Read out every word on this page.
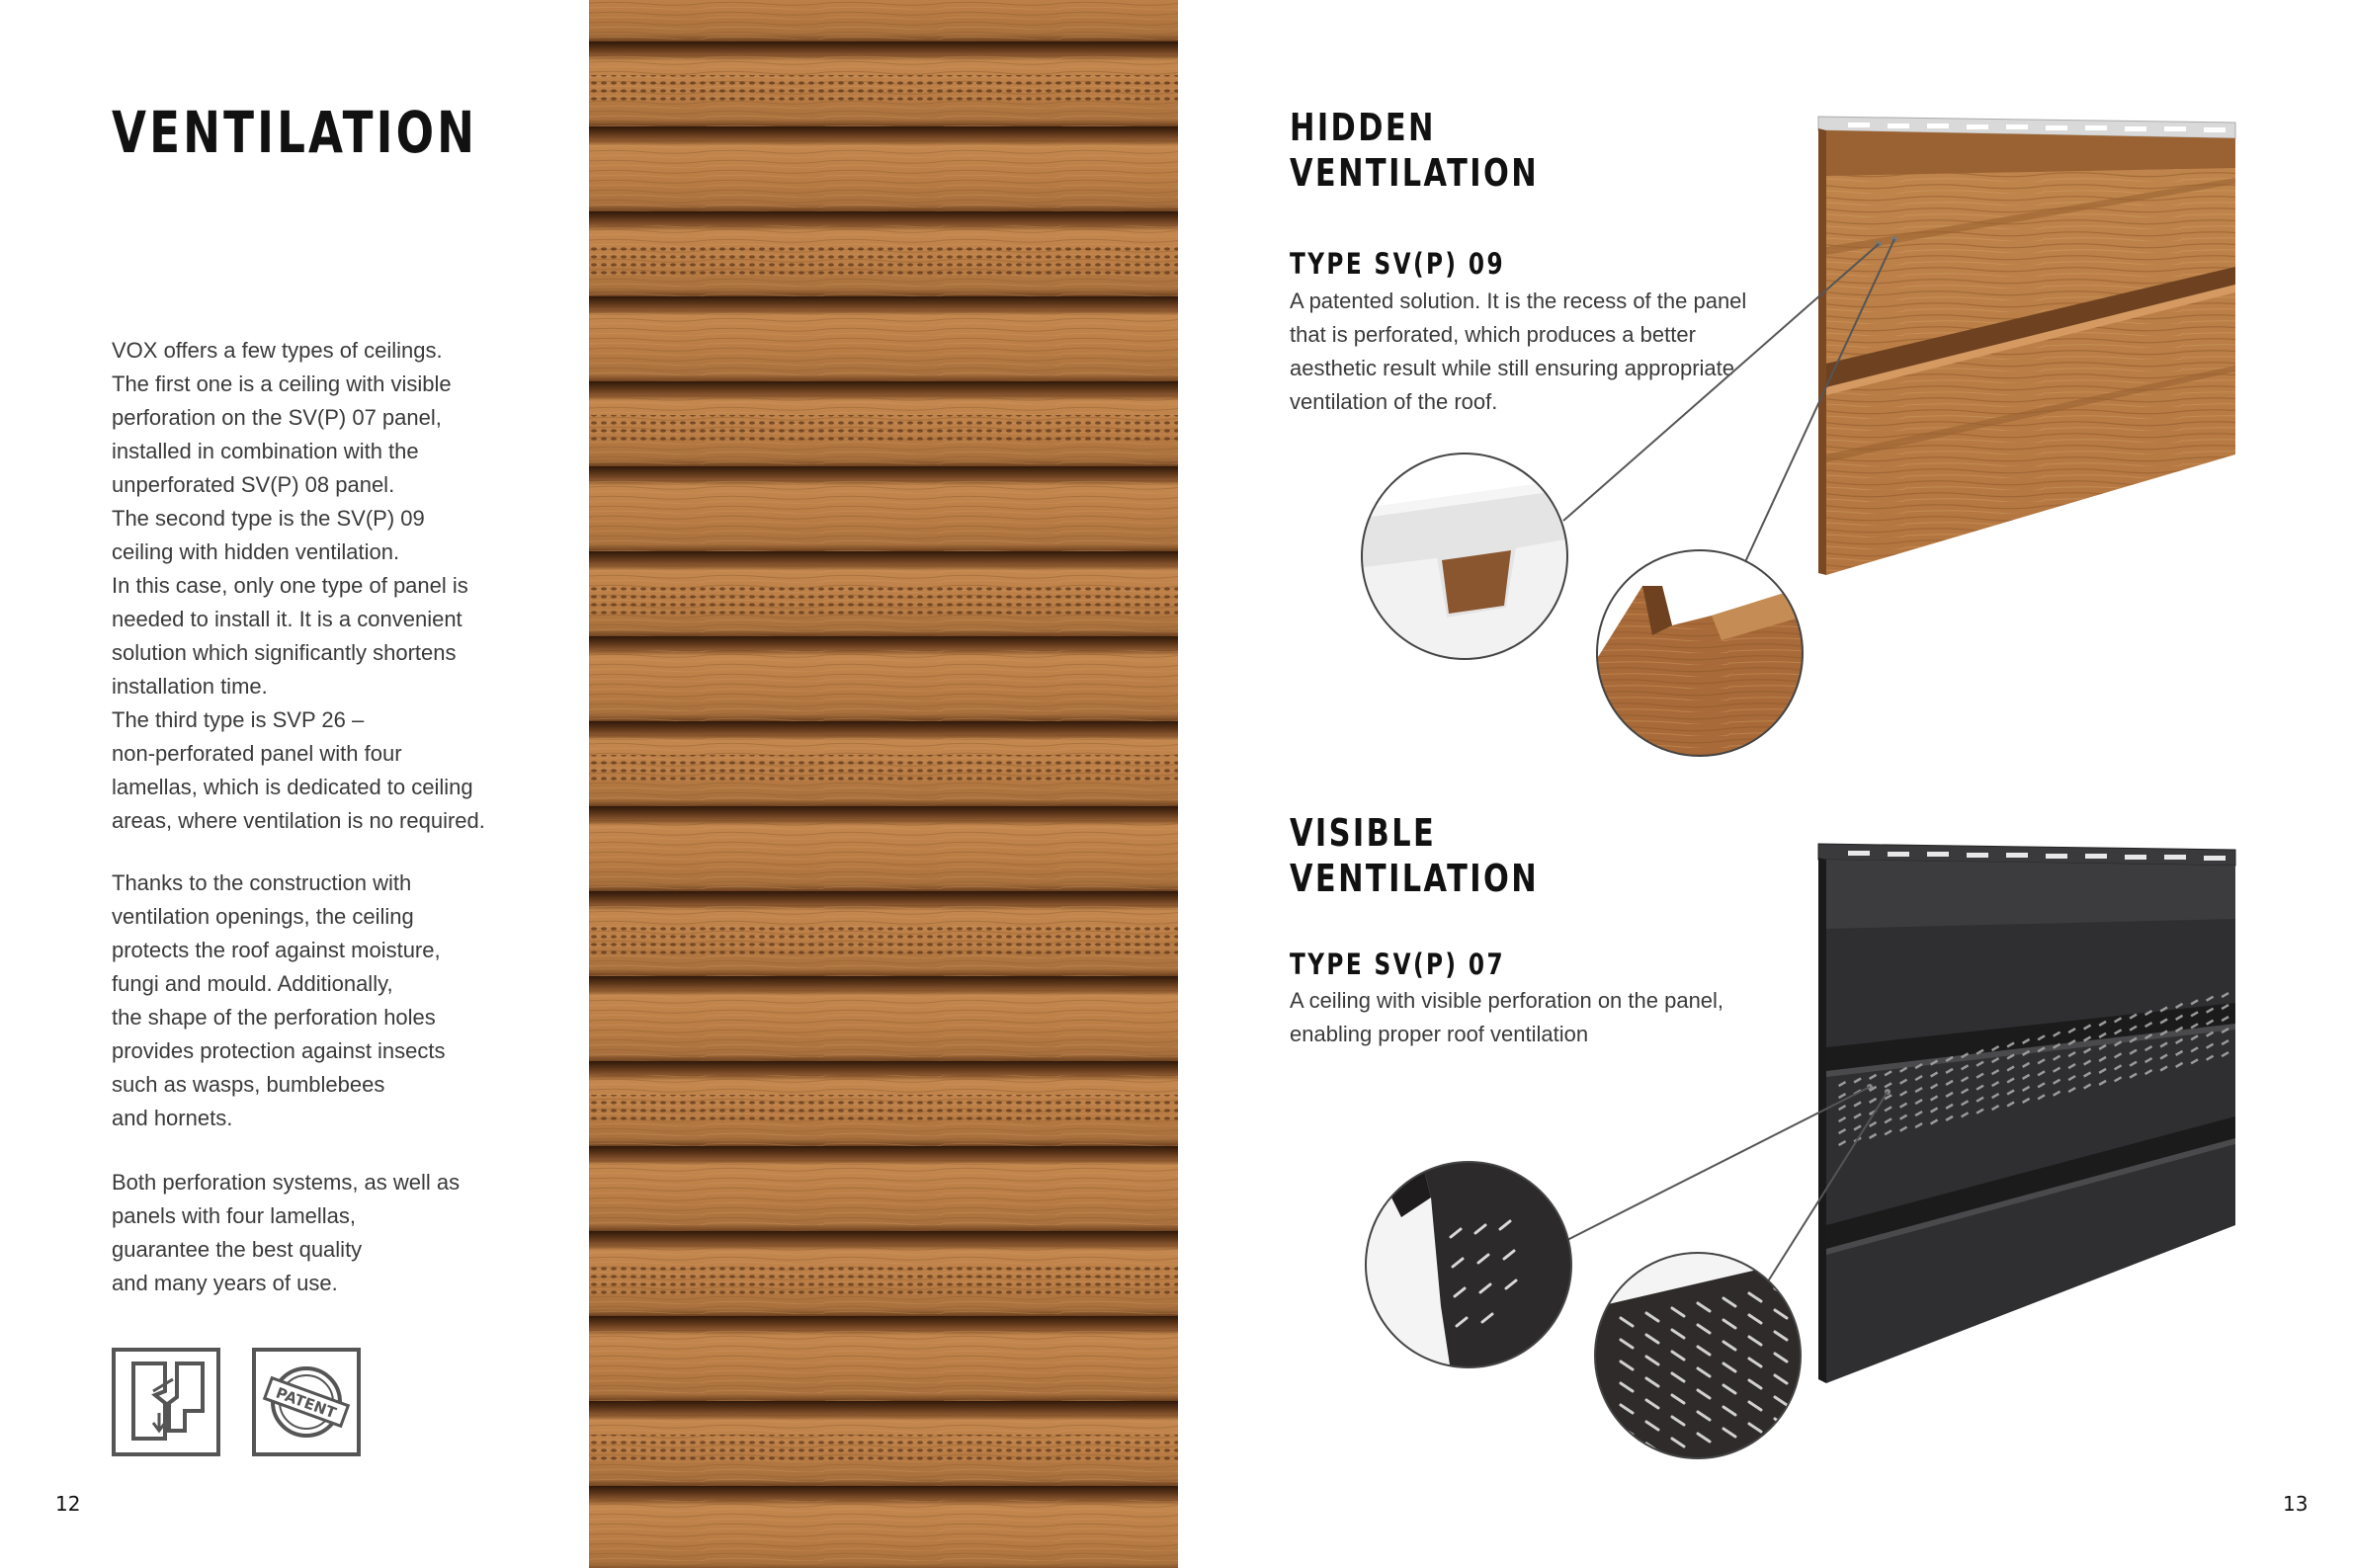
VENTILATION
VOX offers a few types of ceilings.
The first one is a ceiling with visible
perforation on the SV(P) 07 panel,
installed in combination with the
unperforated SV(P) 08 panel.
The second type is the SV(P) 09
ceiling with hidden ventilation.
In this case, only one type of panel is
needed to install it. It is a convenient
solution which significantly shortens
installation time.
The third type is SVP 26 –
non-perforated panel with four
lamellas, which is dedicated to ceiling
areas, where ventilation is no required.
Thanks to the construction with
ventilation openings, the ceiling
protects the roof against moisture,
fungi and mould. Additionally,
the shape of the perforation holes
provides protection against insects
such as wasps, bumblebees
and hornets.
Both perforation systems, as well as
panels with four lamellas,
guarantee the best quality
and many years of use.
PATENT
12
HIDDEN
VENTILATION
TYPE SV(P) 09
A patented solution. It is the recess of the panel
that is perforated, which produces a better
aesthetic result while still ensuring appropriate
ventilation of the roof.
VISIBLE
VENTILATION
TYPE SV(P) 07
A ceiling with visible perforation on the panel,
enabling proper roof ventilation
13
